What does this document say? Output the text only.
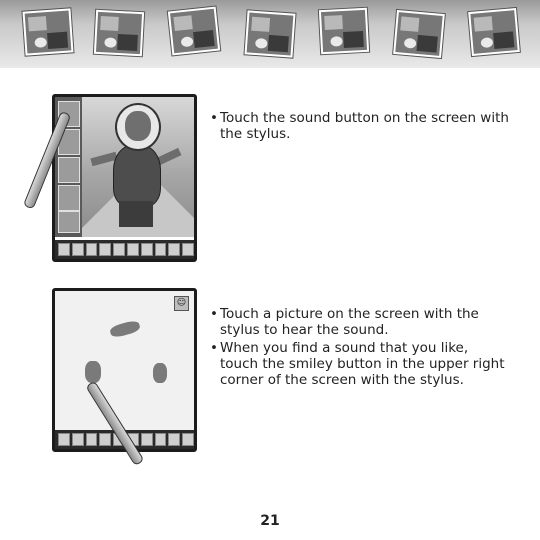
• Touch the sound button on the screen with the stylus.

☺

• Touch a picture on the screen with the stylus to hear the sound.

• When you find a sound that you like, touch the smiley button in the upper right corner of the screen with the stylus.

21
